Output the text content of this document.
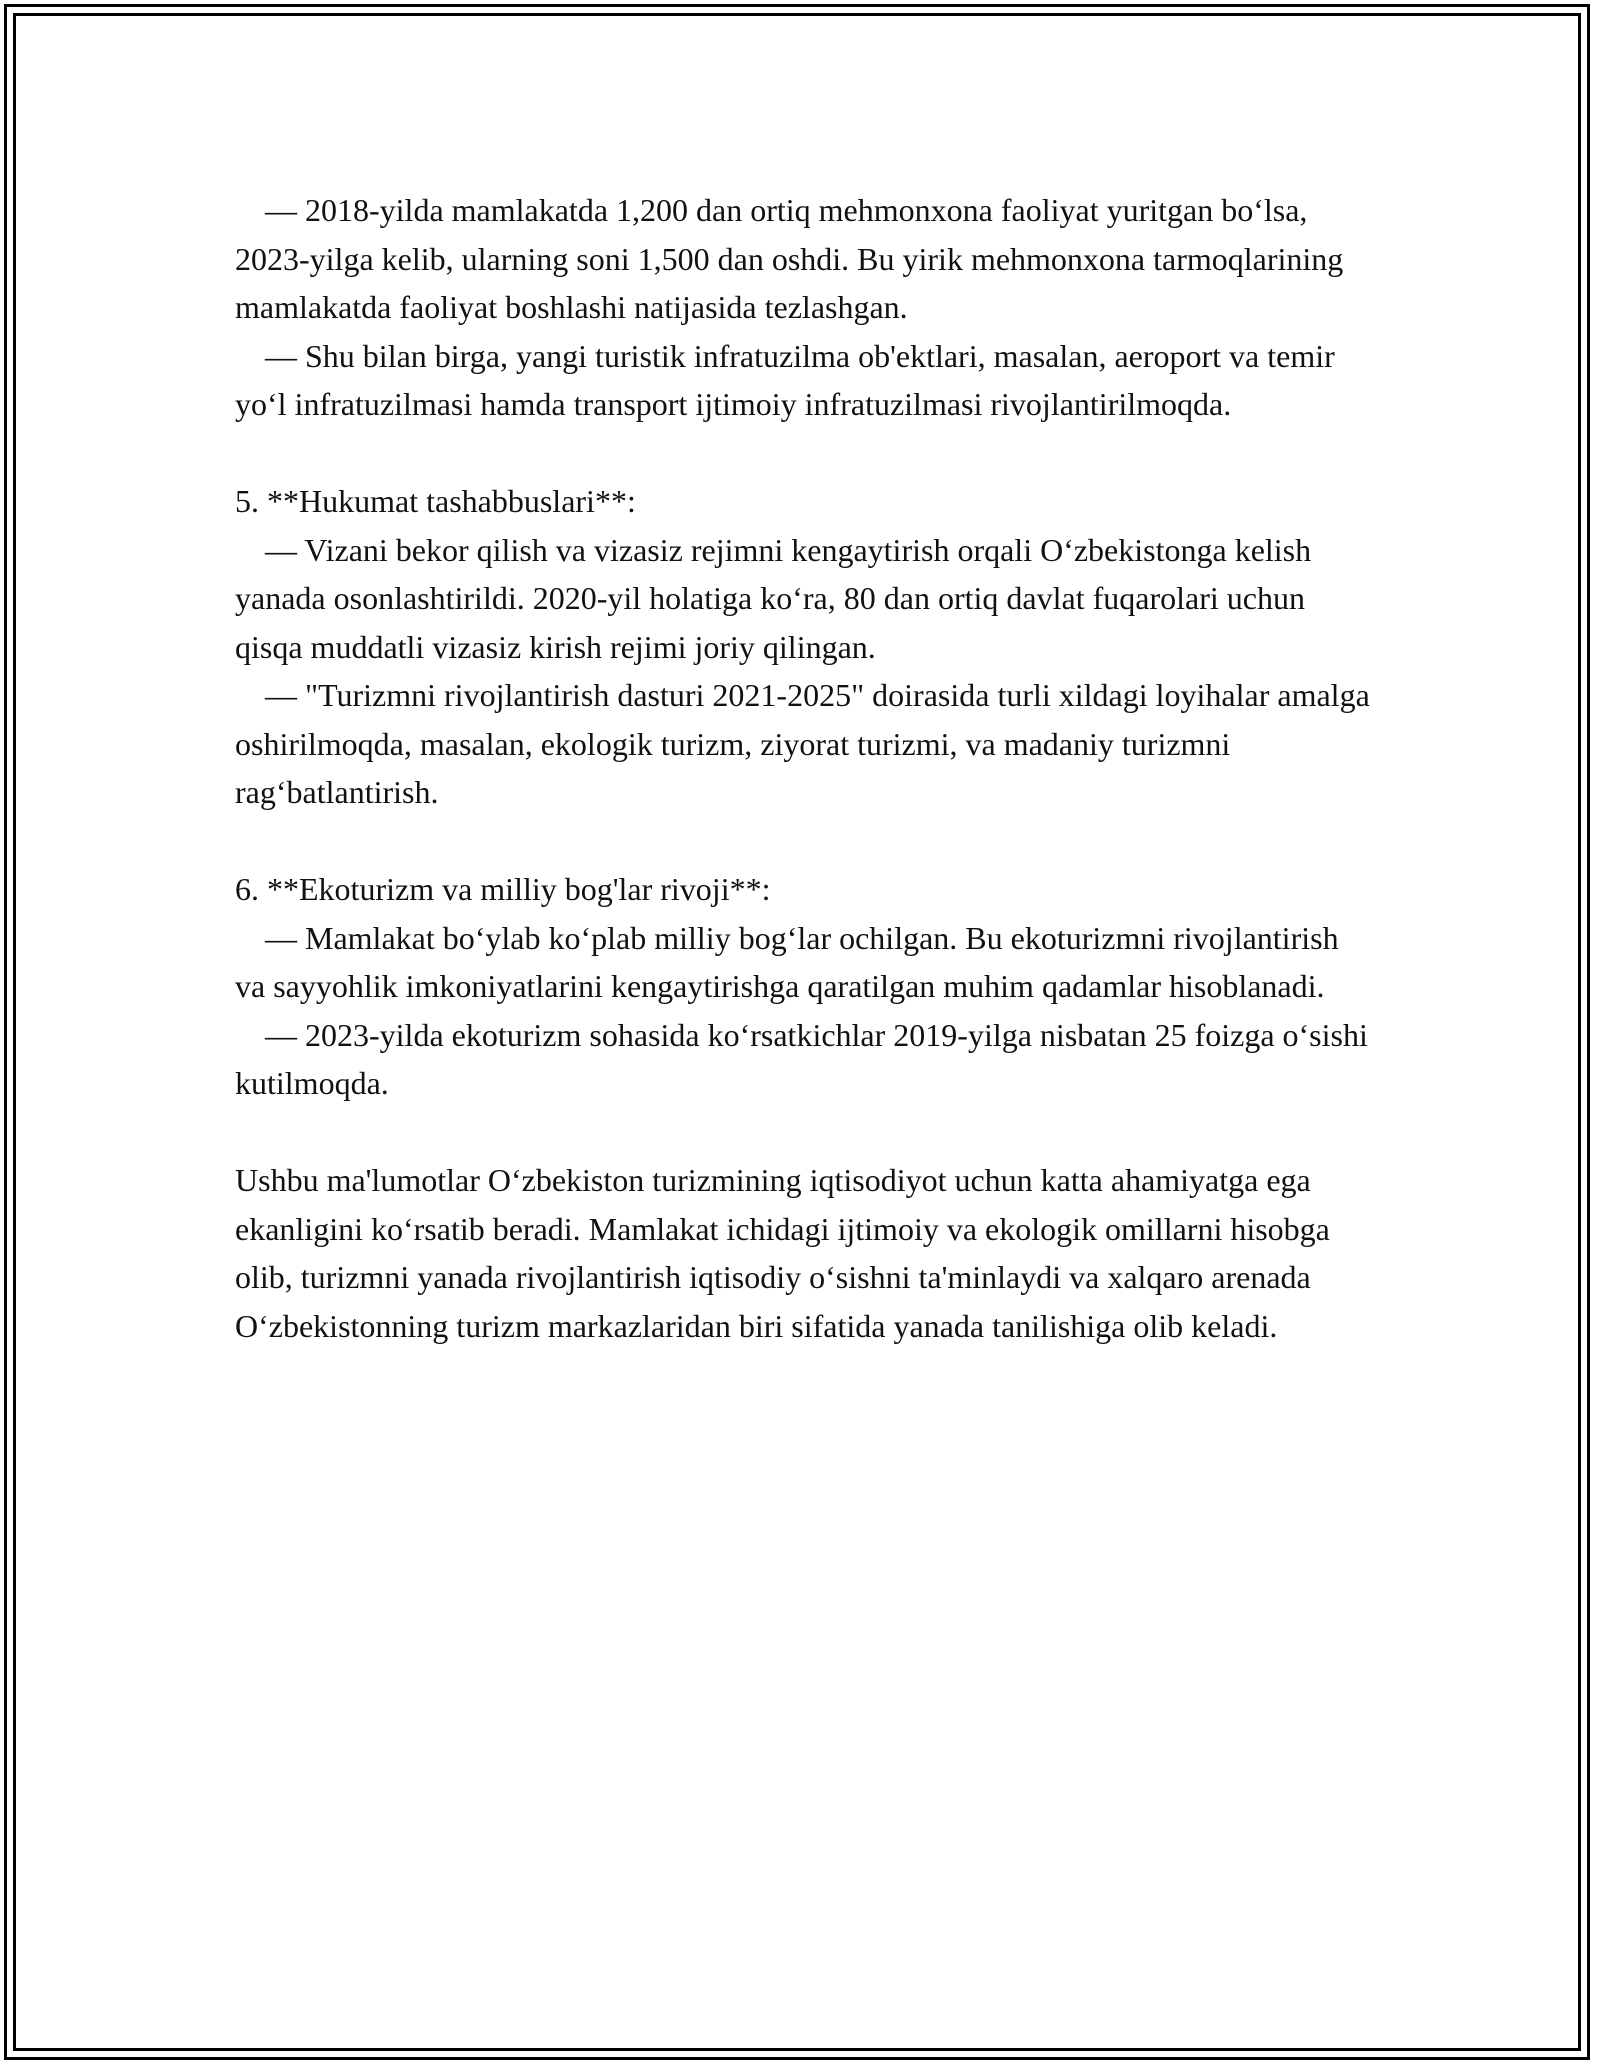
— 2018-yilda mamlakatda 1,200 dan ortiq mehmonxona faoliyat yuritgan bo‘lsa, 2023-yilga kelib, ularning soni 1,500 dan oshdi. Bu yirik mehmonxona tarmoqlarining mamlakatda faoliyat boshlashi natijasida tezlashgan.

— Shu bilan birga, yangi turistik infratuzilma ob'ektlari, masalan, aeroport va temir yo‘l infratuzilmasi hamda transport ijtimoiy infratuzilmasi rivojlantirilmoqda.

5. **Hukumat tashabbuslari**:

— Vizani bekor qilish va vizasiz rejimni kengaytirish orqali O‘zbekistonga kelish yanada osonlashtirildi. 2020-yil holatiga ko‘ra, 80 dan ortiq davlat fuqarolari uchun qisqa muddatli vizasiz kirish rejimi joriy qilingan.

— "Turizmni rivojlantirish dasturi 2021-2025" doirasida turli xildagi loyihalar amalga oshirilmoqda, masalan, ekologik turizm, ziyorat turizmi, va madaniy turizmni rag‘batlantirish.

6. **Ekoturizm va milliy bog'lar rivoji**:

— Mamlakat bo‘ylab ko‘plab milliy bog‘lar ochilgan. Bu ekoturizmni rivojlantirish va sayyohlik imkoniyatlarini kengaytirishga qaratilgan muhim qadamlar hisoblanadi.

— 2023-yilda ekoturizm sohasida ko‘rsatkichlar 2019-yilga nisbatan 25 foizga o‘sishi kutilmoqda.

Ushbu ma'lumotlar O‘zbekiston turizmining iqtisodiyot uchun katta ahamiyatga ega ekanligini ko‘rsatib beradi. Mamlakat ichidagi ijtimoiy va ekologik omillarni hisobga olib, turizmni yanada rivojlantirish iqtisodiy o‘sishni ta'minlaydi va xalqaro arenada O‘zbekistonning turizm markazlaridan biri sifatida yanada tanilishiga olib keladi.
